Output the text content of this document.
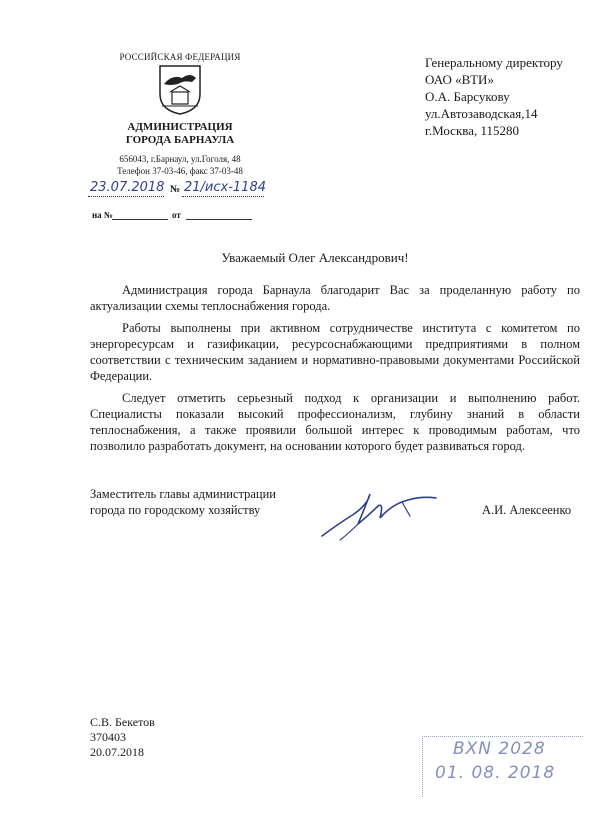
РОССИЙСКАЯ ФЕДЕРАЦИЯ
АДМИНИСТРАЦИЯ
ГОРОДА БАРНАУЛА
656043, г.Барнаул, ул.Гоголя, 48
Телефон 37-03-46, факс 37-03-48
23.07.2018 № 21/исх-1184
на №	от
Генеральному директору
ОАО «ВТИ»
О.А. Барсукову
ул.Автозаводская,14
г.Москва, 115280
Уважаемый Олег Александрович!

Администрация города Барнаула благодарит Вас за проделанную работу по актуализации схемы теплоснабжения города.

Работы выполнены при активном сотрудничестве института с комитетом по энергоресурсам и газификации, ресурсоснабжающими предприятиями в полном соответствии с техническим заданием и нормативно-правовыми документами Российской Федерации.

Следует отметить серьезный подход к организации и выполнению работ. Специалисты показали высокий профессионализм, глубину знаний в области теплоснабжения, а также проявили большой интерес к проводимым работам, что позволило разработать документ, на основании которого будет развиваться город.

Заместитель главы администрации
города по городскому хозяйству	А.И. Алексеенко
С.В. Бекетов
370403
20.07.2018	ВХN 2028
01. 08. 2018
